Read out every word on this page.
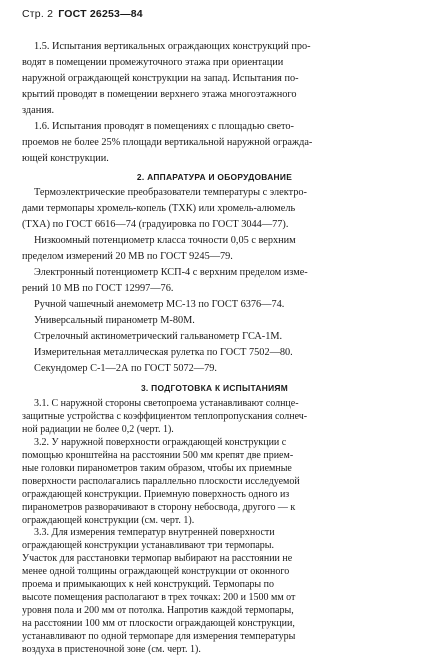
Стр. 2 ГОСТ 26253—84
1.5. Испытания вертикальных ограждающих конструкций про-
водят в помещении промежуточного этажа при ориентации
наружной ограждающей конструкции на запад. Испытания по-
крытий проводят в помещении верхнего этажа многоэтажного
здания.
1.6. Испытания проводят в помещениях с площадью свето-
проемов не более 25% площади вертикальной наружной огражда-
ющей конструкции.
2. АППАРАТУРА И ОБОРУДОВАНИЕ
Термоэлектрические преобразователи температуры с электро-
дами термопары хромель-копель (ТХК) или хромель-алюмель
(ТХА) по ГОСТ 6616—74 (градуировка по ГОСТ 3044—77).
Низкоомный потенциометр класса точности 0,05 с верхним
пределом измерений 20 МВ по ГОСТ 9245—79.
Электронный потенциометр КСП-4 с верхним пределом изме-
рений 10 МВ по ГОСТ 12997—76.
Ручной чашечный анемометр МС-13 по ГОСТ 6376—74.
Универсальный пиранометр М-80М.
Стрелочный актинометрический гальванометр ГСА-1М.
Измерительная металлическая рулетка по ГОСТ 7502—80.
Секундомер С-1—2А по ГОСТ 5072—79.
3. ПОДГОТОВКА К ИСПЫТАНИЯМ
3.1. С наружной стороны светопроема устанавливают солнце-
защитные устройства с коэффициентом теплопропускания солнеч-
ной радиации не более 0,2 (черт. 1).
3.2. У наружной поверхности ограждающей конструкции с
помощью кронштейна на расстоянии 500 мм крепят две прием-
ные головки пиранометров таким образом, чтобы их приемные
поверхности располагались параллельно плоскости исследуемой
ограждающей конструкции. Приемную поверхность одного из
пиранометров разворачивают в сторону небосвода, другого — к
ограждающей конструкции (см. черт. 1).
3.3. Для измерения температур внутренней поверхности
ограждающей конструкции устанавливают три термопары.
Участок для расстановки термопар выбирают на расстоянии не
менее одной толщины ограждающей конструкции от оконного
проема и примыкающих к ней конструкций. Термопары по
высоте помещения располагают в трех точках: 200 и 1500 мм от
уровня пола и 200 мм от потолка. Напротив каждой термопары,
на расстоянии 100 мм от плоскости ограждающей конструкции,
устанавливают по одной термопаре для измерения температуры
воздуха в пристеночной зоне (см. черт. 1).
